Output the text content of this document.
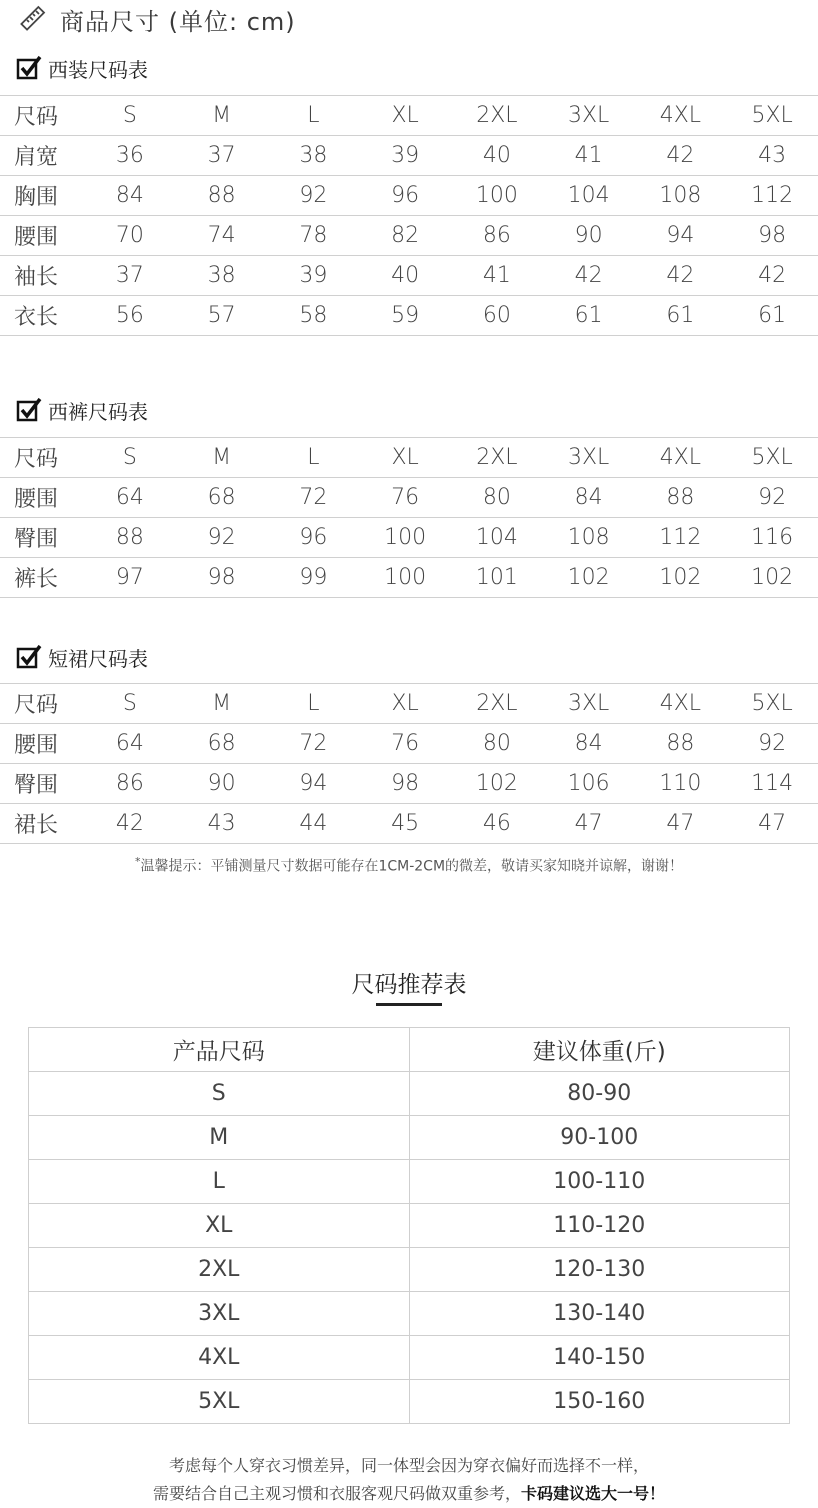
商品尺寸 (单位: cm)
西装尺码表
尺码	S	M	L	XL	2XL	3XL	4XL	5XL
肩宽	36	37	38	39	40	41	42	43
胸围	84	88	92	96	100	104	108	112
腰围	70	74	78	82	86	90	94	98
袖长	37	38	39	40	41	42	42	42
衣长	56	57	58	59	60	61	61	61
西裤尺码表
尺码	S	M	L	XL	2XL	3XL	4XL	5XL
腰围	64	68	72	76	80	84	88	92
臀围	88	92	96	100	104	108	112	116
裤长	97	98	99	100	101	102	102	102
短裙尺码表
尺码	S	M	L	XL	2XL	3XL	4XL	5XL
腰围	64	68	72	76	80	84	88	92
臀围	86	90	94	98	102	106	110	114
裙长	42	43	44	45	46	47	47	47
*温馨提示：平铺测量尺寸数据可能存在1CM-2CM的微差，敬请买家知晓并谅解，谢谢！
尺码推荐表
产品尺码	建议体重(斤)
S	80-90
M	90-100
L	100-110
XL	110-120
2XL	120-130
3XL	130-140
4XL	140-150
5XL	150-160
考虑每个人穿衣习惯差异，同一体型会因为穿衣偏好而选择不一样，
需要结合自己主观习惯和衣服客观尺码做双重参考，卡码建议选大一号！
